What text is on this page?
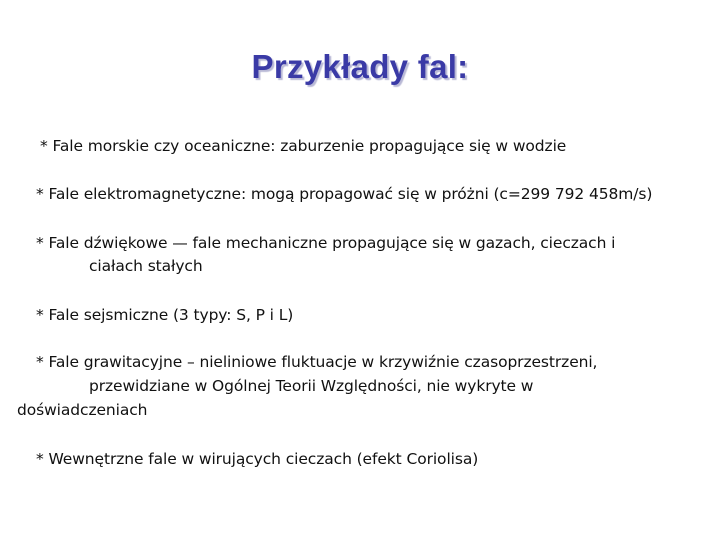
Przykłady fal:
* Fale morskie czy oceaniczne: zaburzenie propagujące się w wodzie
* Fale elektromagnetyczne: mogą propagować się w próżni (c=299 792 458m/s)
* Fale dźwiękowe — fale mechaniczne propagujące się w gazach, cieczach i
ciałach stałych
* Fale sejsmiczne (3 typy: S, P i L)
* Fale grawitacyjne – nieliniowe fluktuacje w krzywiźnie czasoprzestrzeni,
przewidziane w Ogólnej Teorii Względności, nie wykryte w
doświadczeniach
* Wewnętrzne fale w wirujących cieczach (efekt Coriolisa)
